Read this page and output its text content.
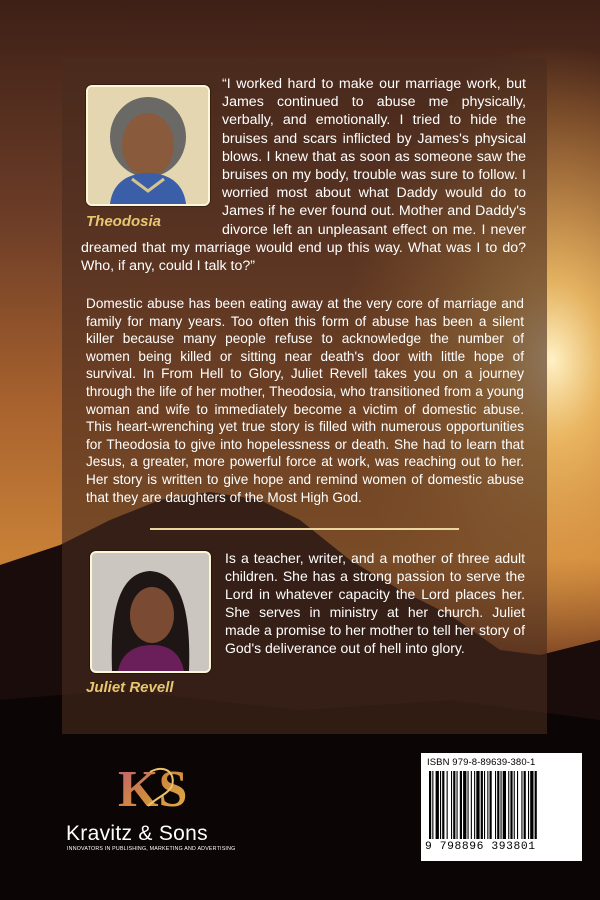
Theodosia

“I worked hard to make our marriage work, but James continued to abuse me physically, verbally, and emotionally. I tried to hide the bruises and scars inflicted by James's physical blows. I knew that as soon as someone saw the bruises on my body, trouble was sure to follow. I worried most about what Daddy would do to James if he ever found out. Mother and Daddy's divorce left an unpleasant effect on me. I never dreamed that my marriage would end up this way. What was I to do? Who, if any, could I talk to?”

Domestic abuse has been eating away at the very core of marriage and family for many years. Too often this form of abuse has been a silent killer because many people refuse to acknowledge the number of women being killed or sitting near death's door with little hope of survival. In From Hell to Glory, Juliet Revell takes you on a journey through the life of her mother, Theodosia, who transitioned from a young woman and wife to immediately become a victim of domestic abuse. This heart-wrenching yet true story is filled with numerous opportunities for Theodosia to give into hopelessness or death. She had to learn that Jesus, a greater, more powerful force at work, was reaching out to her. Her story is written to give hope and remind women of domestic abuse that they are daughters of the Most High God.

Juliet Revell

Is a teacher, writer, and a mother of three adult children. She has a strong passion to serve the Lord in whatever capacity the Lord places her. She serves in ministry at her church. Juliet made a promise to her mother to tell her story of God's deliverance out of hell into glory.

KS
Kravitz & Sons
INNOVATORS IN PUBLISHING, MARKETING AND ADVERTISING
ISBN 979-8-89639-380-1
9 798896 393801
